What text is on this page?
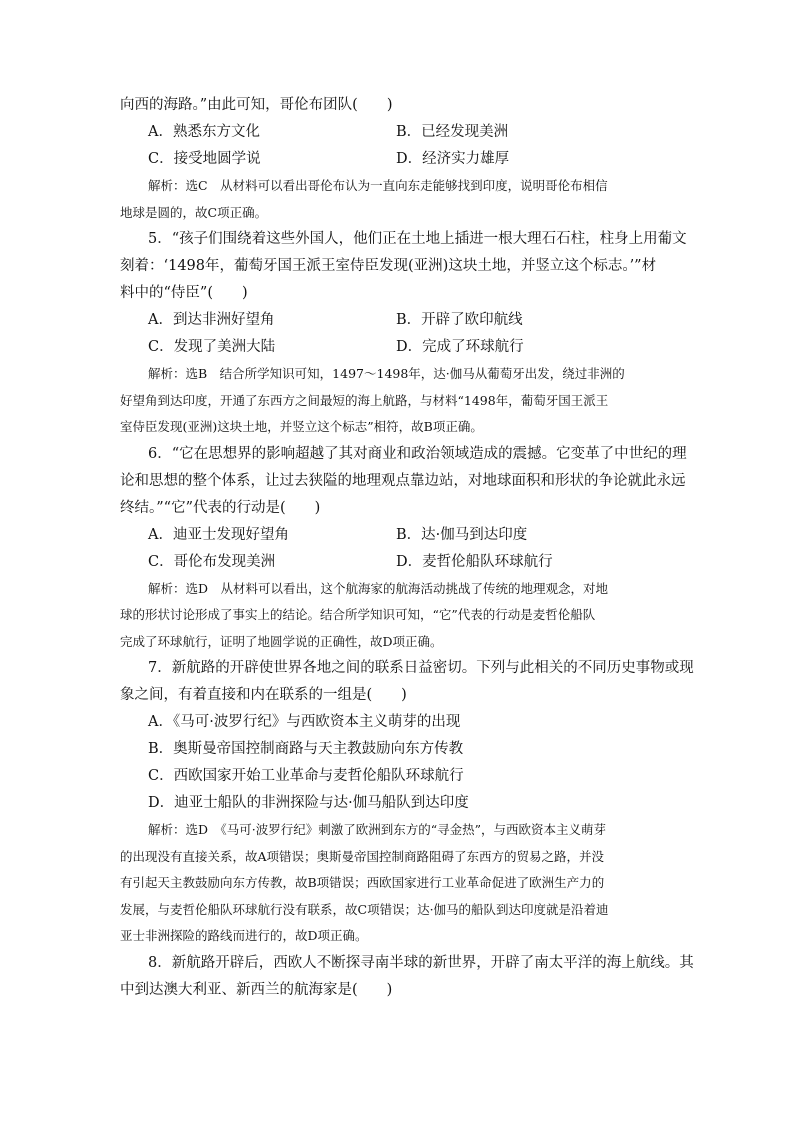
向西的海路。”由此可知，哥伦布团队(　　)
A．熟悉东方文化	B．已经发现美洲
C．接受地圆学说	D．经济实力雄厚
解析：选C　从材料可以看出哥伦布认为一直向东走能够找到印度，说明哥伦布相信
地球是圆的，故C项正确。
5．“孩子们围绕着这些外国人，他们正在土地上插进一根大理石石柱，柱身上用葡文
刻着：‘1498年，葡萄牙国王派王室侍臣发现(亚洲)这块土地，并竖立这个标志。’”材
料中的“侍臣”(　　)
A．到达非洲好望角	B．开辟了欧印航线
C．发现了美洲大陆	D．完成了环球航行
解析：选B　结合所学知识可知，1497～1498年，达·伽马从葡萄牙出发，绕过非洲的
好望角到达印度，开通了东西方之间最短的海上航路，与材料“1498年，葡萄牙国王派王
室侍臣发现(亚洲)这块土地，并竖立这个标志”相符，故B项正确。
6．“它在思想界的影响超越了其对商业和政治领域造成的震撼。它变革了中世纪的理
论和思想的整个体系，让过去狭隘的地理观点靠边站，对地球面积和形状的争论就此永远
终结。”“它”代表的行动是(　　)
A．迪亚士发现好望角	B．达·伽马到达印度
C．哥伦布发现美洲	D．麦哲伦船队环球航行
解析：选D　从材料可以看出，这个航海家的航海活动挑战了传统的地理观念，对地
球的形状讨论形成了事实上的结论。结合所学知识可知，“它”代表的行动是麦哲伦船队
完成了环球航行，证明了地圆学说的正确性，故D项正确。
7．新航路的开辟使世界各地之间的联系日益密切。下列与此相关的不同历史事物或现
象之间，有着直接和内在联系的一组是(　　)
A．《马可·波罗行纪》与西欧资本主义萌芽的出现
B．奥斯曼帝国控制商路与天主教鼓励向东方传教
C．西欧国家开始工业革命与麦哲伦船队环球航行
D．迪亚士船队的非洲探险与达·伽马船队到达印度
解析：选D　《马可·波罗行纪》刺激了欧洲到东方的“寻金热”，与西欧资本主义萌芽
的出现没有直接关系，故A项错误；奥斯曼帝国控制商路阻碍了东西方的贸易之路，并没
有引起天主教鼓励向东方传教，故B项错误；西欧国家进行工业革命促进了欧洲生产力的
发展，与麦哲伦船队环球航行没有联系，故C项错误；达·伽马的船队到达印度就是沿着迪
亚士非洲探险的路线而进行的，故D项正确。
8．新航路开辟后，西欧人不断探寻南半球的新世界，开辟了南太平洋的海上航线。其
中到达澳大利亚、新西兰的航海家是(　　)
